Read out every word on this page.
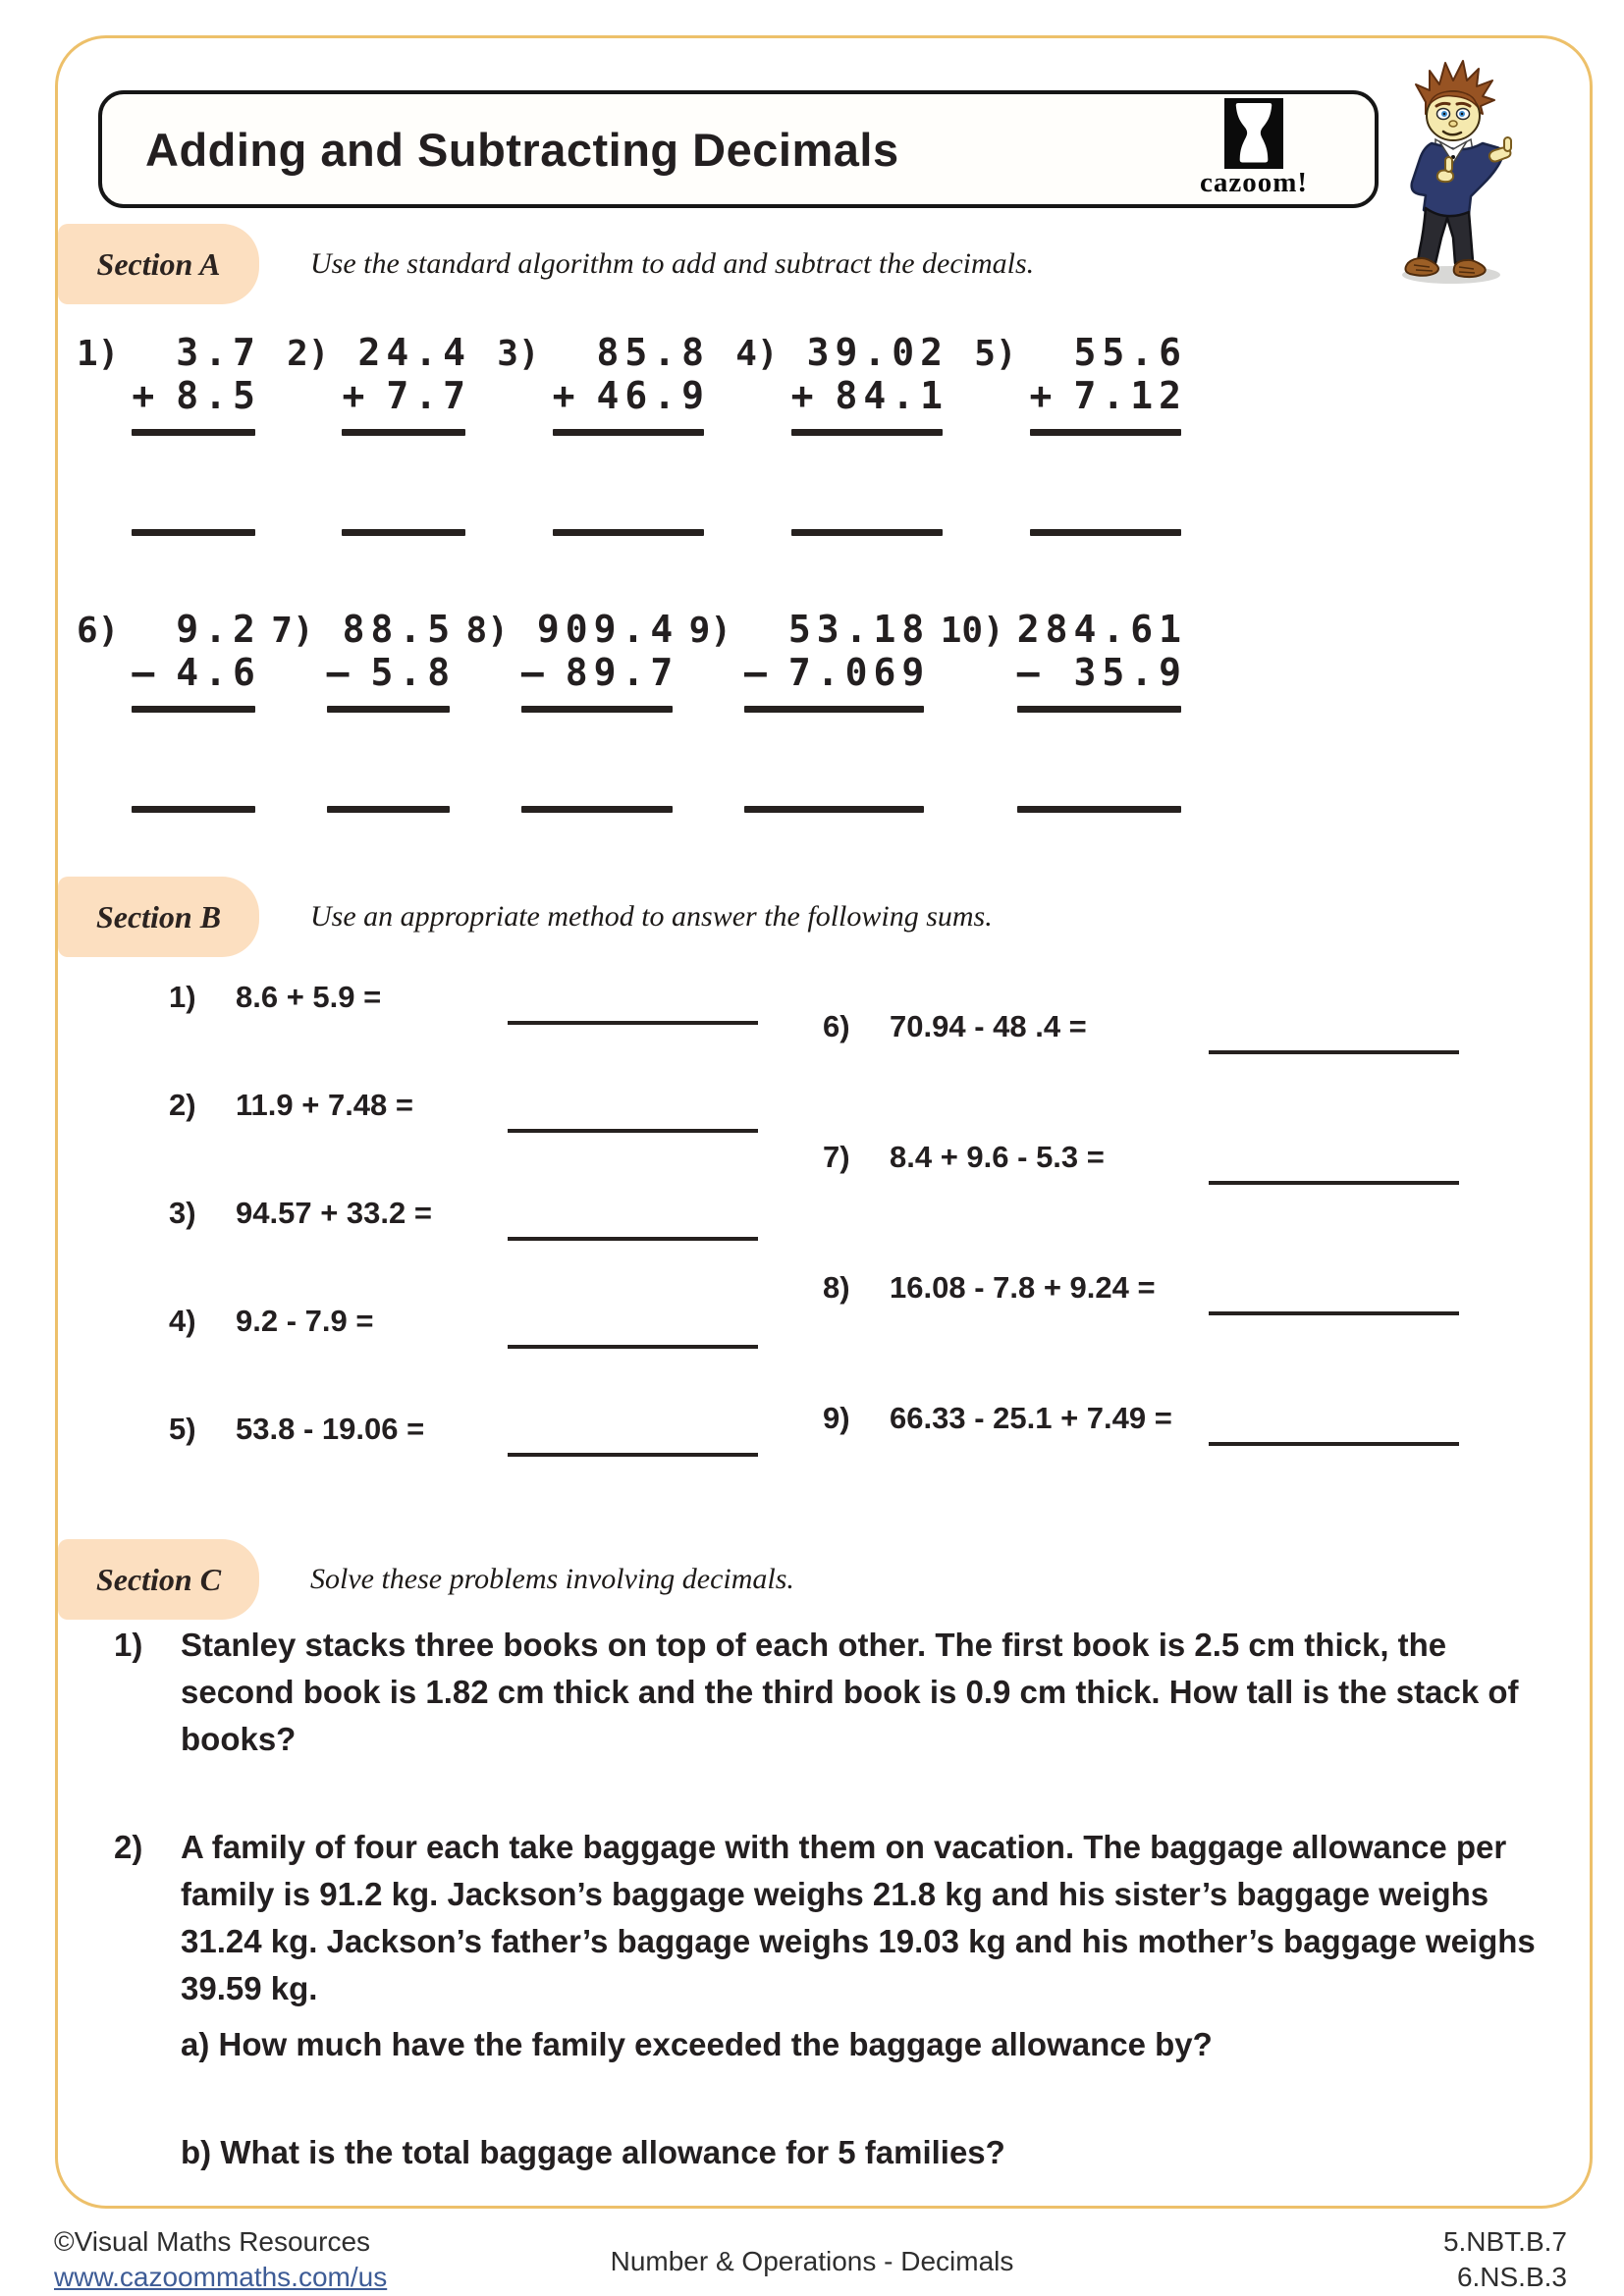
Adding and Subtracting Decimals
cazoom!
Section A	Use the standard algorithm to add and subtract the decimals.
1)	3.7
+ 8.5
2) 24.4
+ 7.7
3)	85.8
+ 46.9
4) 39.02
+ 84.1
5)	55.6
+ 7.12
6)	9.2
– 4.6
7) 88.5
– 5.8
8) 909.4
– 89.7
9)	53.18
– 7.069
10) 284.61
– 35.9
Section B	Use an appropriate method to answer the following sums.
1)	8.6 + 5.9 =
2)	11.9 + 7.48 =
3)	94.57 + 33.2 =
4)	9.2 - 7.9 =
5)	53.8 - 19.06 =
6)	70.94 - 48 .4 =
7)	8.4 + 9.6 - 5.3 =
8)	16.08 - 7.8 + 9.24 =
9)	66.33 - 25.1 + 7.49 =
Section C	Solve these problems involving decimals.
1)	Stanley stacks three books on top of each other. The first book is 2.5 cm thick, the second book is 1.82 cm thick and the third book is 0.9 cm thick. How tall is the stack of books?
2)	A family of four each take baggage with them on vacation. The baggage allowance per family is 91.2 kg. Jackson’s baggage weighs 21.8 kg and his sister’s baggage weighs 31.24 kg. Jackson’s father’s baggage weighs 19.03 kg and his mother’s baggage weighs 39.59 kg.
a) How much have the family exceeded the baggage allowance by?
b) What is the total baggage allowance for 5 families?
©Visual Maths Resources
www.cazoommaths.com/us
Number & Operations - Decimals
5.NBT.B.7
6.NS.B.3
